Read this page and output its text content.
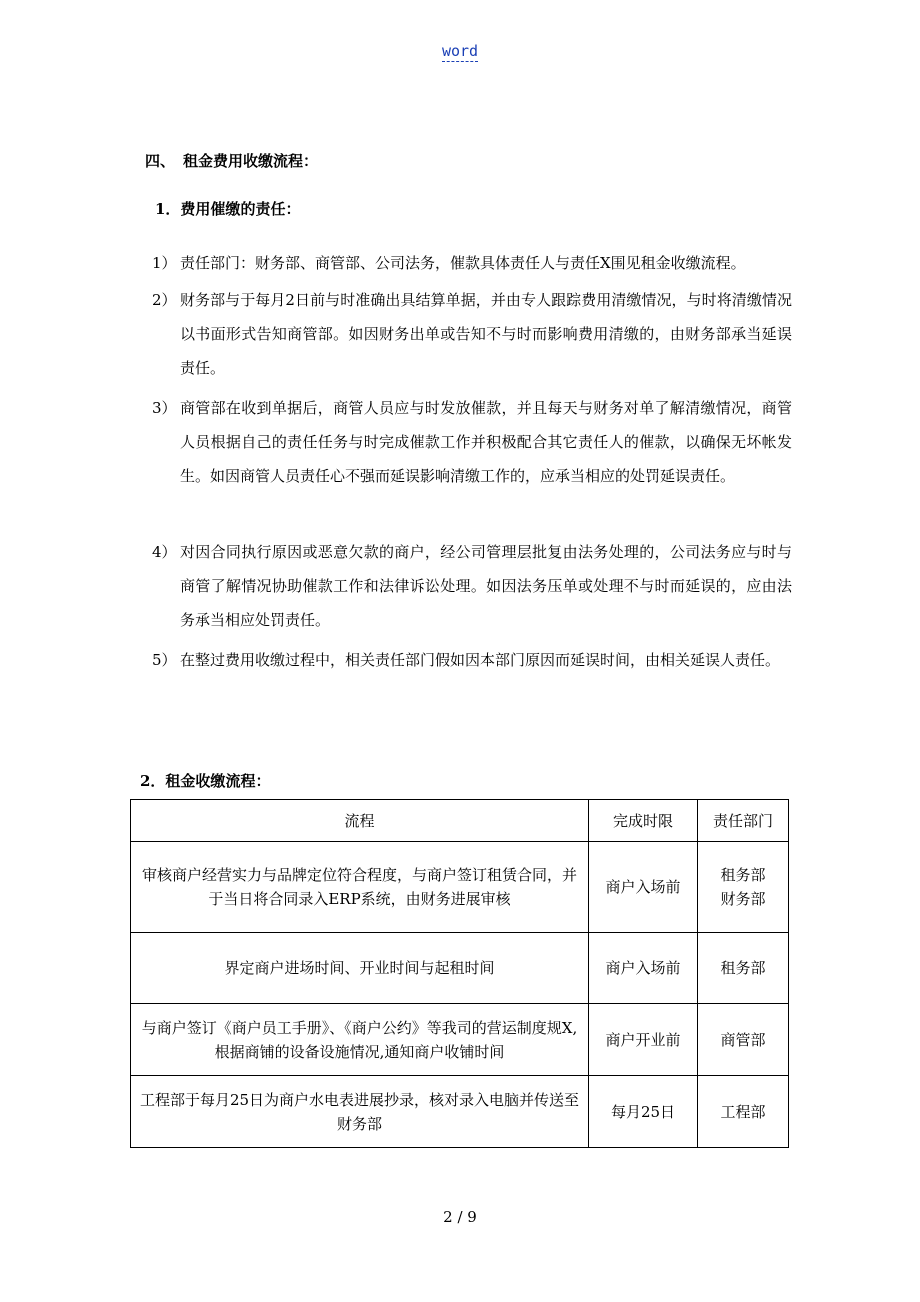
word
四、 租金费用收缴流程：
1．费用催缴的责任：
1） 责任部门：财务部、商管部、公司法务，催款具体责任人与责任X围见租金收缴流程。
2） 财务部与于每月2日前与时准确出具结算单据，并由专人跟踪费用清缴情况，与时将清缴情况以书面形式告知商管部。如因财务出单或告知不与时而影响费用清缴的，由财务部承当延误责任。
3） 商管部在收到单据后，商管人员应与时发放催款，并且每天与财务对单了解清缴情况，商管人员根据自己的责任任务与时完成催款工作并积极配合其它责任人的催款，以确保无坏帐发生。如因商管人员责任心不强而延误影响清缴工作的，应承当相应的处罚延误责任。
4） 对因合同执行原因或恶意欠款的商户，经公司管理层批复由法务处理的，公司法务应与时与商管了解情况协助催款工作和法律诉讼处理。如因法务压单或处理不与时而延误的，应由法务承当相应处罚责任。
5） 在整过费用收缴过程中，相关责任部门假如因本部门原因而延误时间，由相关延误人责任。
2．租金收缴流程：
流程	完成时限	责任部门
审核商户经营实力与品牌定位符合程度，与商户签订租赁合同，并于当日将合同录入ERP系统，由财务进展审核	商户入场前	租务部
财务部
界定商户进场时间、开业时间与起租时间	商户入场前	租务部
与商户签订《商户员工手册》、《商户公约》等我司的营运制度规X,根据商铺的设备设施情况,通知商户收铺时间	商户开业前	商管部
工程部于每月25日为商户水电表进展抄录，核对录入电脑并传送至财务部	每月25日	工程部
2 / 9
